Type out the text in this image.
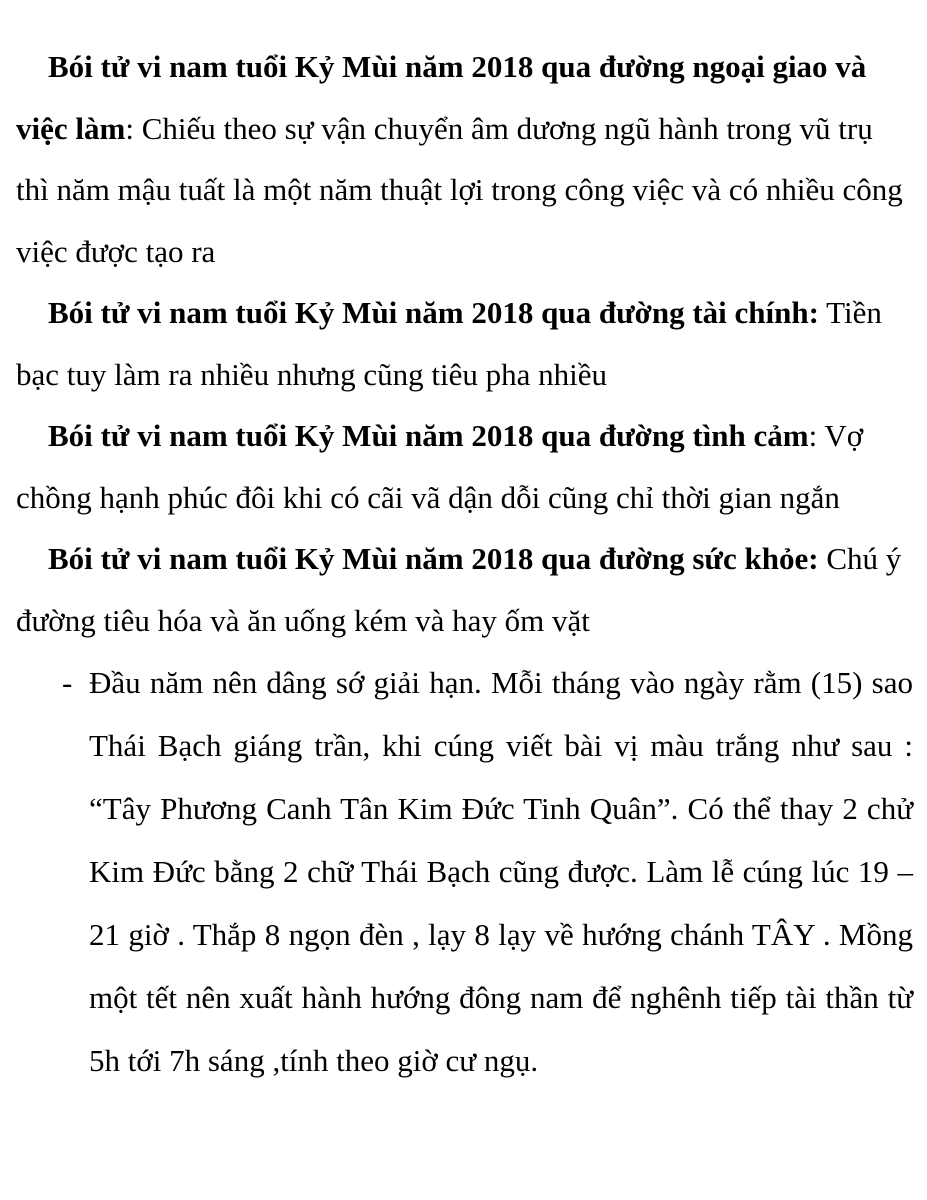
Bói tử vi nam tuổi Kỷ Mùi năm 2018 qua đường ngoại giao và việc làm: Chiếu theo sự vận chuyển âm dương ngũ hành trong vũ trụ thì năm mậu tuất là một năm thuật lợi trong công việc và có nhiều công việc được tạo ra

Bói tử vi nam tuổi Kỷ Mùi năm 2018 qua đường tài chính: Tiền bạc tuy làm ra nhiều nhưng cũng tiêu pha nhiều

Bói tử vi nam tuổi Kỷ Mùi năm 2018 qua đường tình cảm: Vợ chồng hạnh phúc đôi khi có cãi vã dận dỗi cũng chỉ thời gian ngắn

Bói tử vi nam tuổi Kỷ Mùi năm 2018 qua đường sức khỏe: Chú ý đường tiêu hóa và ăn uống kém và hay ốm vặt

- Đầu năm nên dâng sớ giải hạn. Mỗi tháng vào ngày rằm (15) sao Thái Bạch giáng trần, khi cúng viết bài vị màu trắng như sau : “Tây Phương Canh Tân Kim Đức Tinh Quân”. Có thể thay 2 chử Kim Đức bằng 2 chữ Thái Bạch cũng được. Làm lễ cúng lúc 19 – 21 giờ . Thắp 8 ngọn đèn , lạy 8 lạy về hướng chánh TÂY . Mồng một tết nên xuất hành hướng đông nam để nghênh tiếp tài thần từ 5h tới 7h sáng ,tính theo giờ cư ngụ.
